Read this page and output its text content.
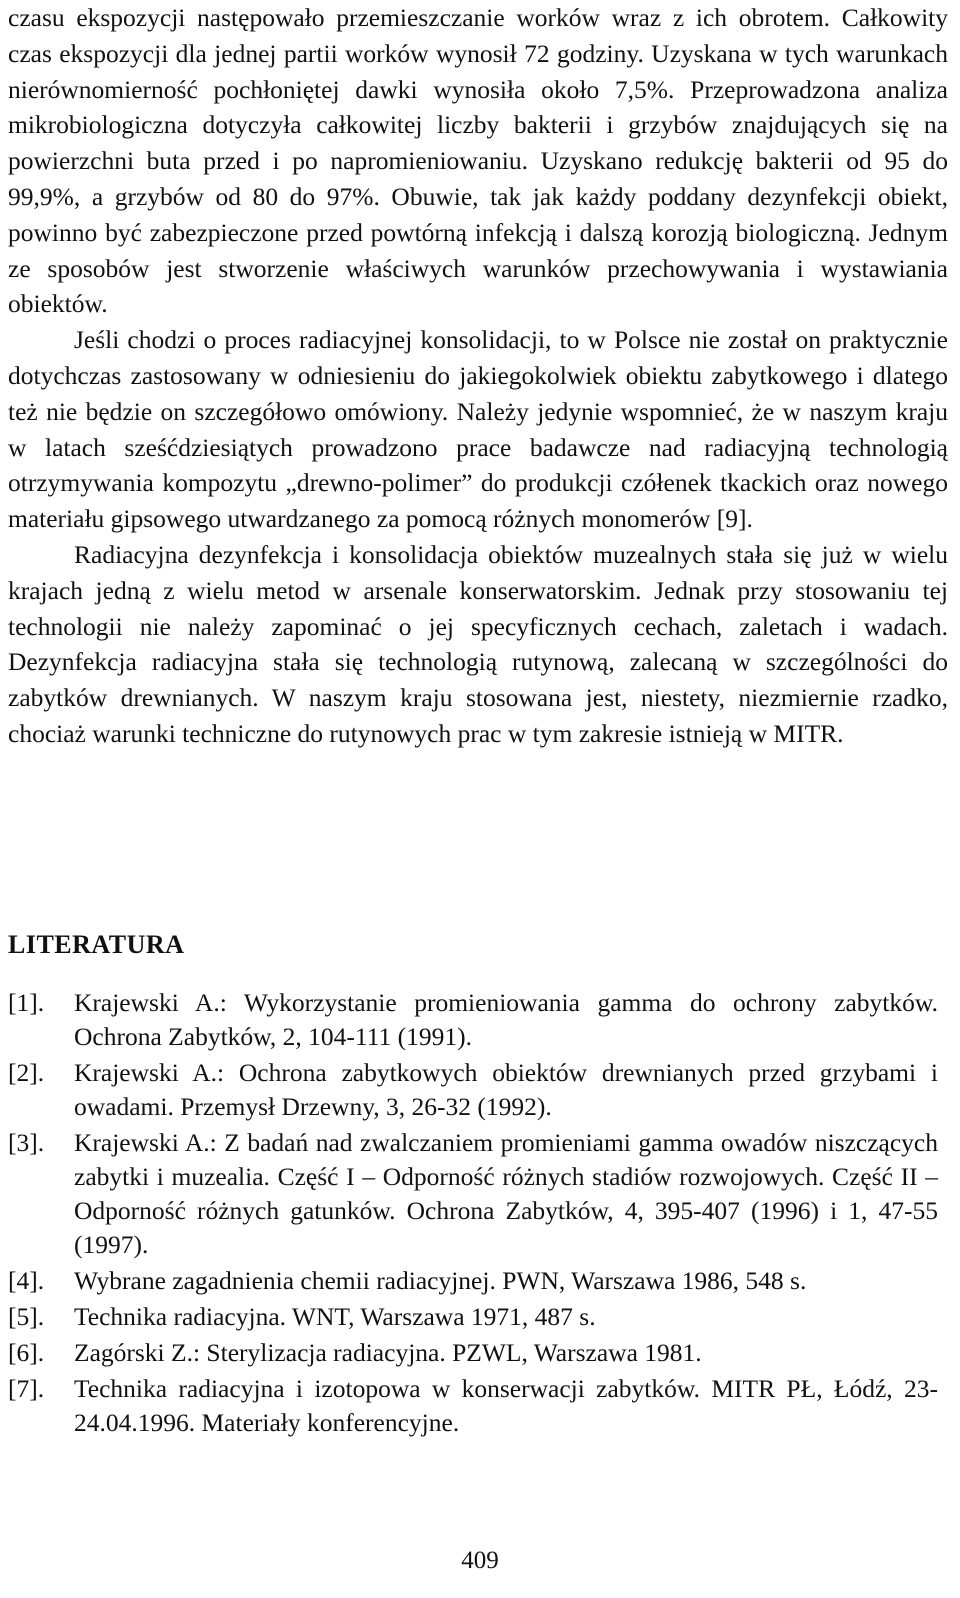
czasu ekspozycji następowało przemieszczanie worków wraz z ich obrotem. Całkowity czas ekspozycji dla jednej partii worków wynosił 72 godziny. Uzyskana w tych warunkach nierównomierność pochłoniętej dawki wynosiła około 7,5%. Przeprowadzona analiza mikrobiologiczna dotyczyła całkowitej liczby bakterii i grzybów znajdujących się na powierzchni buta przed i po napromieniowaniu. Uzyskano redukcję bakterii od 95 do 99,9%, a grzybów od 80 do 97%. Obuwie, tak jak każdy poddany dezynfekcji obiekt, powinno być zabezpieczone przed powtórną infekcją i dalszą korozją biologiczną. Jednym ze sposobów jest stworzenie właściwych warunków przechowywania i wystawiania obiektów.

Jeśli chodzi o proces radiacyjnej konsolidacji, to w Polsce nie został on praktycznie dotychczas zastosowany w odniesieniu do jakiegokolwiek obiektu zabytkowego i dlatego też nie będzie on szczegółowo omówiony. Należy jedynie wspomnieć, że w naszym kraju w latach sześćdziesiątych prowadzono prace badawcze nad radiacyjną technologią otrzymywania kompozytu „drewno-polimer” do produkcji czółenek tkackich oraz nowego materiału gipsowego utwardzanego za pomocą różnych monomerów [9].

Radiacyjna dezynfekcja i konsolidacja obiektów muzealnych stała się już w wielu krajach jedną z wielu metod w arsenale konserwatorskim. Jednak przy stosowaniu tej technologii nie należy zapominać o jej specyficznych cechach, zaletach i wadach. Dezynfekcja radiacyjna stała się technologią rutynową, zalecaną w szczególności do zabytków drewnianych. W naszym kraju stosowana jest, niestety, niezmiernie rzadko, chociaż warunki techniczne do rutynowych prac w tym zakresie istnieją w MITR.

LITERATURA
[1]. Krajewski A.: Wykorzystanie promieniowania gamma do ochrony zabytków. Ochrona Zabytków, 2, 104-111 (1991).
[2]. Krajewski A.: Ochrona zabytkowych obiektów drewnianych przed grzybami i owadami. Przemysł Drzewny, 3, 26-32 (1992).
[3]. Krajewski A.: Z badań nad zwalczaniem promieniami gamma owadów niszczących zabytki i muzealia. Część I – Odporność różnych stadiów rozwojowych. Część II – Odporność różnych gatunków. Ochrona Zabytków, 4, 395-407 (1996) i 1, 47-55 (1997).
[4]. Wybrane zagadnienia chemii radiacyjnej. PWN, Warszawa 1986, 548 s.
[5]. Technika radiacyjna. WNT, Warszawa 1971, 487 s.
[6]. Zagórski Z.: Sterylizacja radiacyjna. PZWL, Warszawa 1981.
[7]. Technika radiacyjna i izotopowa w konserwacji zabytków. MITR PŁ, Łódź, 23-24.04.1996. Materiały konferencyjne.
409
